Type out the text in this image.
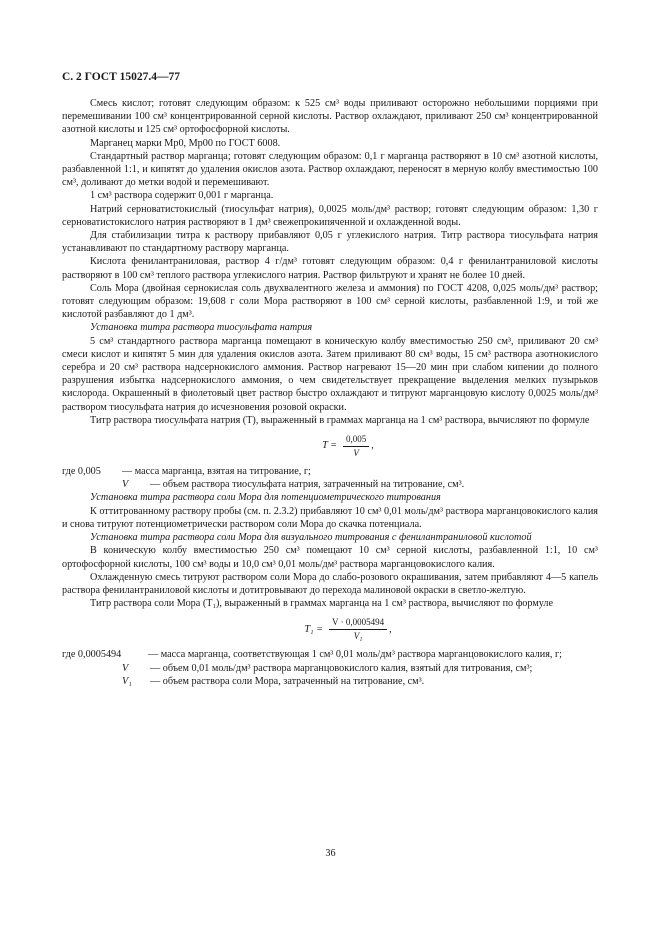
С. 2 ГОСТ 15027.4—77

Смесь кислот; готовят следующим образом: к 525 см³ воды приливают осторожно небольшими порциями при перемешивании 100 см³ концентрированной серной кислоты. Раствор охлаждают, приливают 250 см³ концентрированной азотной кислоты и 125 см³ ортофосфорной кислоты.

Марганец марки Мр0, Мр00 по ГОСТ 6008.

Стандартный раствор марганца; готовят следующим образом: 0,1 г марганца растворяют в 10 см³ азотной кислоты, разбавленной 1:1, и кипятят до удаления окислов азота. Раствор охлаждают, переносят в мерную колбу вместимостью 100 см³, доливают до метки водой и перемешивают.

1 см³ раствора содержит 0,001 г марганца.

Натрий серноватистокислый (тиосульфат натрия), 0,0025 моль/дм³ раствор; готовят следующим образом: 1,30 г серноватистокислого натрия растворяют в 1 дм³ свежепрокипяченной и охлажденной воды.

Для стабилизации титра к раствору прибавляют 0,05 г углекислого натрия. Титр раствора тиосульфата натрия устанавливают по стандартному раствору марганца.

Кислота фенилантраниловая, раствор 4 г/дм³ готовят следующим образом: 0,4 г фенилантраниловой кислоты растворяют в 100 см³ теплого раствора углекислого натрия. Раствор фильтруют и хранят не более 10 дней.

Соль Мора (двойная сернокислая соль двухвалентного железа и аммония) по ГОСТ 4208, 0,025 моль/дм³ раствор; готовят следующим образом: 19,608 г соли Мора растворяют в 100 см³ серной кислоты, разбавленной 1:9, и той же кислотой разбавляют до 1 дм³.

Установка титра раствора тиосульфата натрия

5 см³ стандартного раствора марганца помещают в коническую колбу вместимостью 250 см³, приливают 20 см³ смеси кислот и кипятят 5 мин для удаления окислов азота. Затем приливают 80 см³ воды, 15 см³ раствора азотнокислого серебра и 20 см³ раствора надсернокислого аммония. Раствор нагревают 15—20 мин при слабом кипении до полного разрушения избытка надсернокислого аммония, о чем свидетельствует прекращение выделения мелких пузырьков кислорода. Окрашенный в фиолетовый цвет раствор быстро охлаждают и титруют марганцовую кислоту 0,0025 моль/дм³ раствором тиосульфата натрия до исчезновения розовой окраски.

Титр раствора тиосульфата натрия (T), выраженный в граммах марганца на 1 см³ раствора, вычисляют по формуле

$T = \frac{0,005}{V}$ ,
где 0,005	— масса марганца, взятая на титрование, г;
V	— объем раствора тиосульфата натрия, затраченный на титрование, см³.

Установка титра раствора соли Мора для потенциометрического титрования

К оттитрованному раствору пробы (см. п. 2.3.2) прибавляют 10 см³ 0,01 моль/дм³ раствора марганцовокислого калия и снова титруют потенциометрически раствором соли Мора до скачка потенциала.

Установка титра раствора соли Мора для визуального титрования с фенилантраниловой кислотой

В коническую колбу вместимостью 250 см³ помещают 10 см³ серной кислоты, разбавленной 1:1, 10 см³ ортофосфорной кислоты, 100 см³ воды и 10,0 см³ 0,01 моль/дм³ раствора марганцовокислого калия.

Охлажденную смесь титруют раствором соли Мора до слабо-розового окрашивания, затем прибавляют 4—5 капель раствора фенилантраниловой кислоты и дотитровывают до перехода малиновой окраски в светло-желтую.

Титр раствора соли Мора (T₁), выраженный в граммах марганца на 1 см³ раствора, вычисляют по формуле

$T_1 = \frac{V \cdot 0,0005494}{\text{V₁}}$ ,
где 0,0005494	— масса марганца, соответствующая 1 см³ 0,01 моль/дм³ раствора марганцовокислого калия, г;
V	— объем 0,01 моль/дм³ раствора марганцовокислого калия, взятый для титрования, см³;
V₁	— объем раствора соли Мора, затраченный на титрование, см³.
36
